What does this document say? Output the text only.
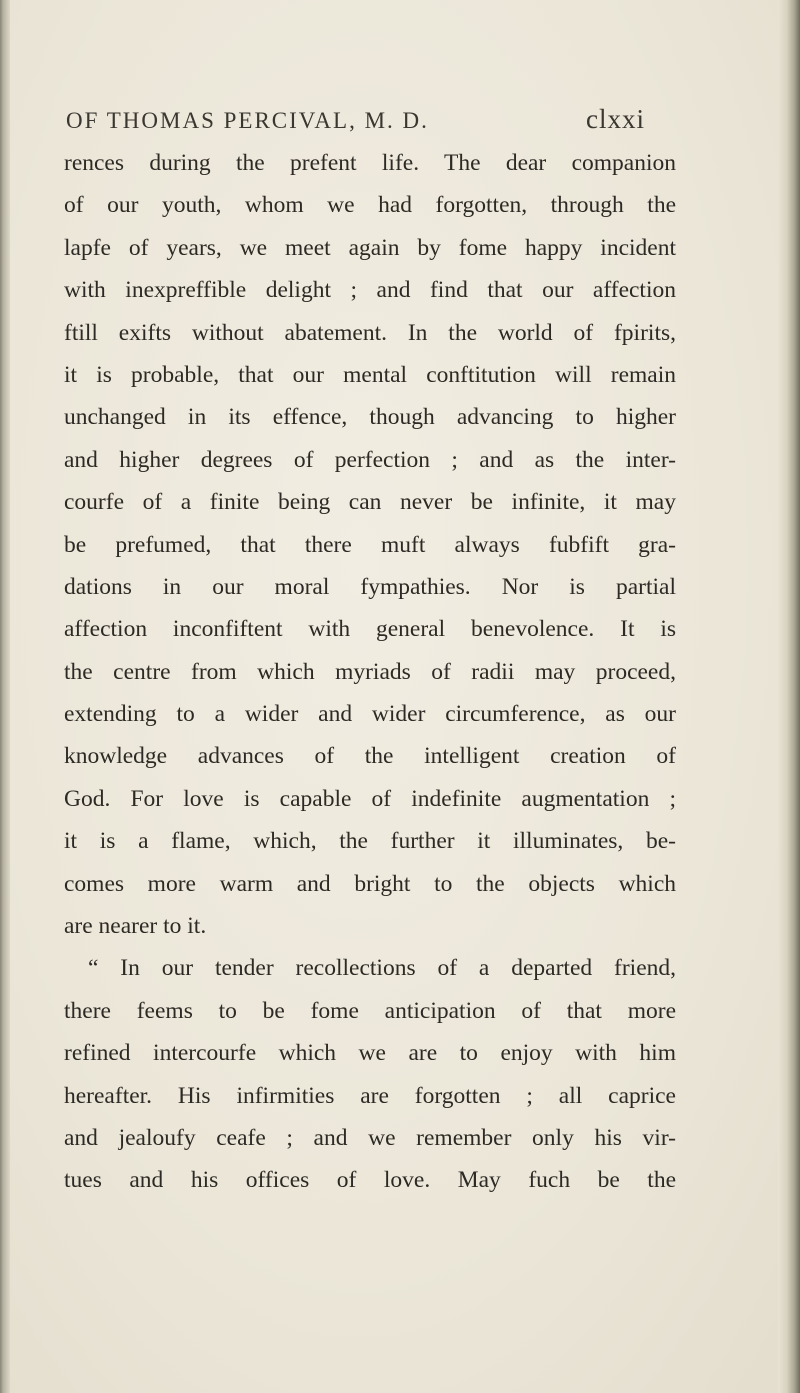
OF THOMAS PERCIVAL, M. D.	clxxi
rences during the prefent life. The dear companion
of our youth, whom we had forgotten, through the
lapfe of years, we meet again by fome happy incident
with inexpreffible delight ; and find that our affection
ftill exifts without abatement. In the world of fpirits,
it is probable, that our mental conftitution will remain
unchanged in its effence, though advancing to higher
and higher degrees of perfection ; and as the inter-
courfe of a finite being can never be infinite, it may
be prefumed, that there muft always fubfift gra-
dations in our moral fympathies. Nor is partial
affection inconfiftent with general benevolence. It is
the centre from which myriads of radii may proceed,
extending to a wider and wider circumference, as our
knowledge advances of the intelligent creation of
God. For love is capable of indefinite augmentation ;
it is a flame, which, the further it illuminates, be-
comes more warm and bright to the objects which
are nearer to it.
“ In our tender recollections of a departed friend,
there feems to be fome anticipation of that more
refined intercourfe which we are to enjoy with him
hereafter. His infirmities are forgotten ; all caprice
and jealoufy ceafe ; and we remember only his vir-
tues and his offices of love. May fuch be the
